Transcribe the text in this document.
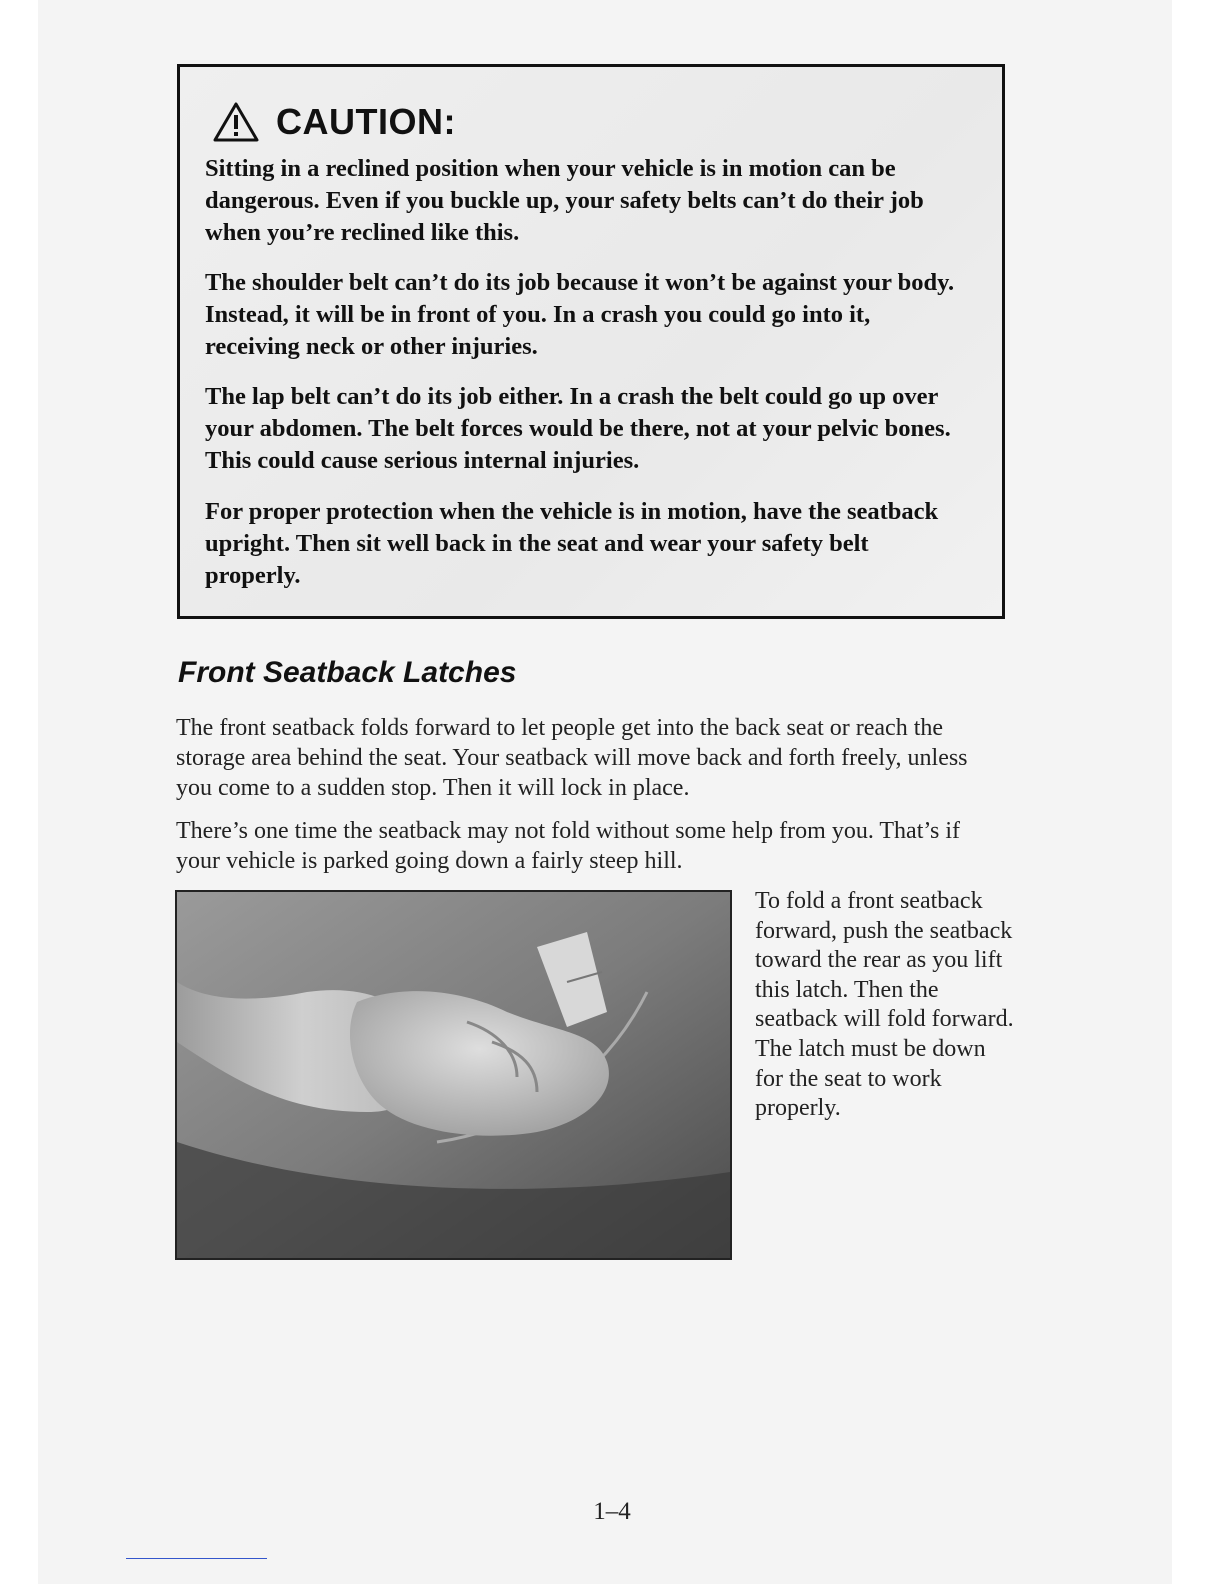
CAUTION:

Sitting in a reclined position when your vehicle is in motion can be dangerous. Even if you buckle up, your safety belts can’t do their job when you’re reclined like this.

The shoulder belt can’t do its job because it won’t be against your body. Instead, it will be in front of you. In a crash you could go into it, receiving neck or other injuries.

The lap belt can’t do its job either. In a crash the belt could go up over your abdomen. The belt forces would be there, not at your pelvic bones. This could cause serious internal injuries.

For proper protection when the vehicle is in motion, have the seatback upright. Then sit well back in the seat and wear your safety belt properly.

Front Seatback Latches

The front seatback folds forward to let people get into the back seat or reach the storage area behind the seat. Your seatback will move back and forth freely, unless you come to a sudden stop. Then it will lock in place.

There’s one time the seatback may not fold without some help from you. That’s if your vehicle is parked going down a fairly steep hill.

To fold a front seatback forward, push the seatback toward the rear as you lift this latch. Then the seatback will fold forward. The latch must be down for the seat to work properly.

1–4
